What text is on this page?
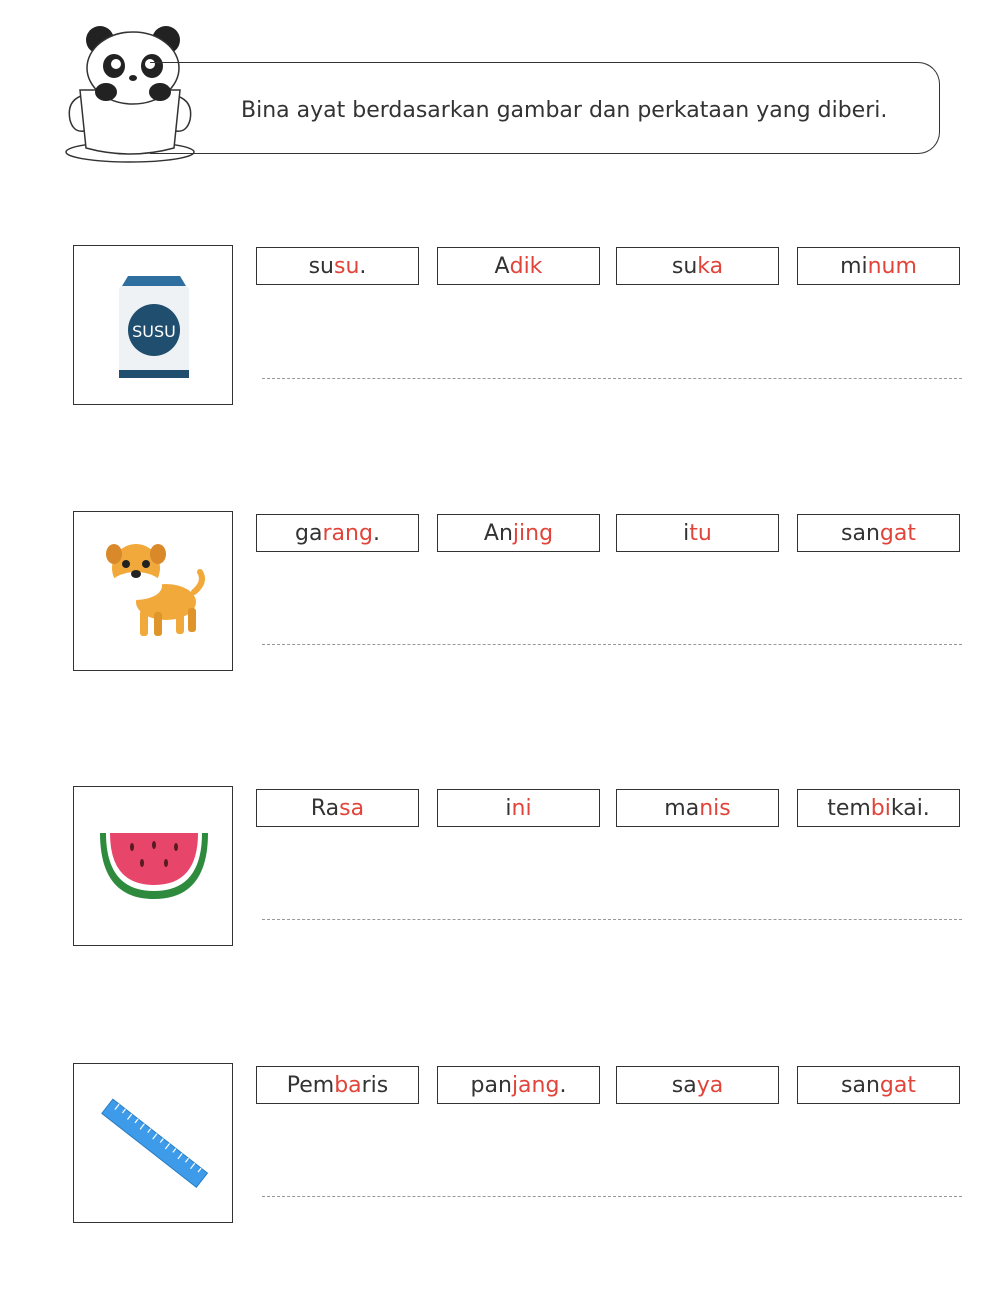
Bina ayat berdasarkan gambar dan perkataan yang diberi.
SUSU
su su .	A dik	su ka	mi num
ga rang .	An jing	i tu	san gat
Ra sa	i ni	ma nis	tem bi kai.
Pem ba ris	pan jang .	sa ya	san gat
